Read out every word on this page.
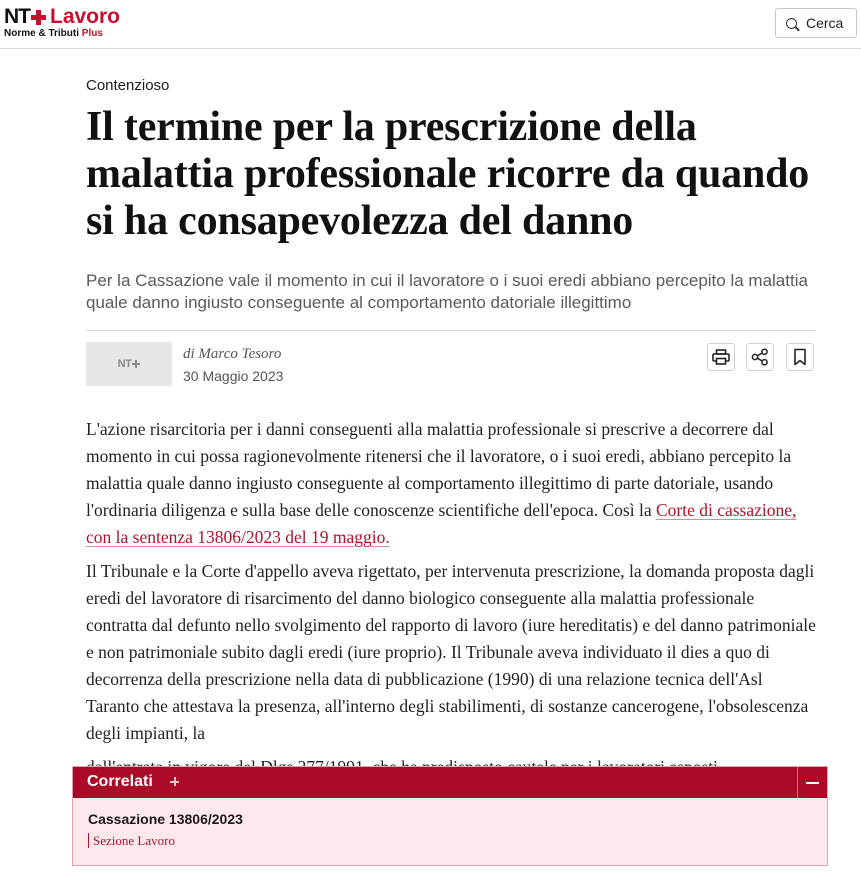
NT Lavoro
Norme & Tributi Plus
Cerca
Contenzioso
Il termine per la prescrizione della malattia professionale ricorre da quando si ha consapevolezza del danno
Per la Cassazione vale il momento in cui il lavoratore o i suoi eredi abbiano percepito la malattia quale danno ingiusto conseguente al comportamento datoriale illegittimo
NT
di Marco Tesoro
30 Maggio 2023

L'azione risarcitoria per i danni conseguenti alla malattia professionale si prescrive a decorrere dal momento in cui possa ragionevolmente ritenersi che il lavoratore, o i suoi eredi, abbiano percepito la malattia quale danno ingiusto conseguente al comportamento illegittimo di parte datoriale, usando l'ordinaria diligenza e sulla base delle conoscenze scientifiche dell'epoca. Così la Corte di cassazione, con la sentenza 13806/2023 del 19 maggio.

Il Tribunale e la Corte d'appello aveva rigettato, per intervenuta prescrizione, la domanda proposta dagli eredi del lavoratore di risarcimento del danno biologico conseguente alla malattia professionale contratta dal defunto nello svolgimento del rapporto di lavoro (iure hereditatis) e del danno patrimoniale e non patrimoniale subito dagli eredi (iure proprio). Il Tribunale aveva individuato il dies a quo di decorrenza della prescrizione nella data di pubblicazione (1990) di una relazione tecnica dell'Asl Taranto che attestava la presenza, all'interno degli stabilimenti, di sostanze cancerogene, l'obsolescenza degli impianti, la

Correlati
Cassazione 13806/2023
Sezione Lavoro
